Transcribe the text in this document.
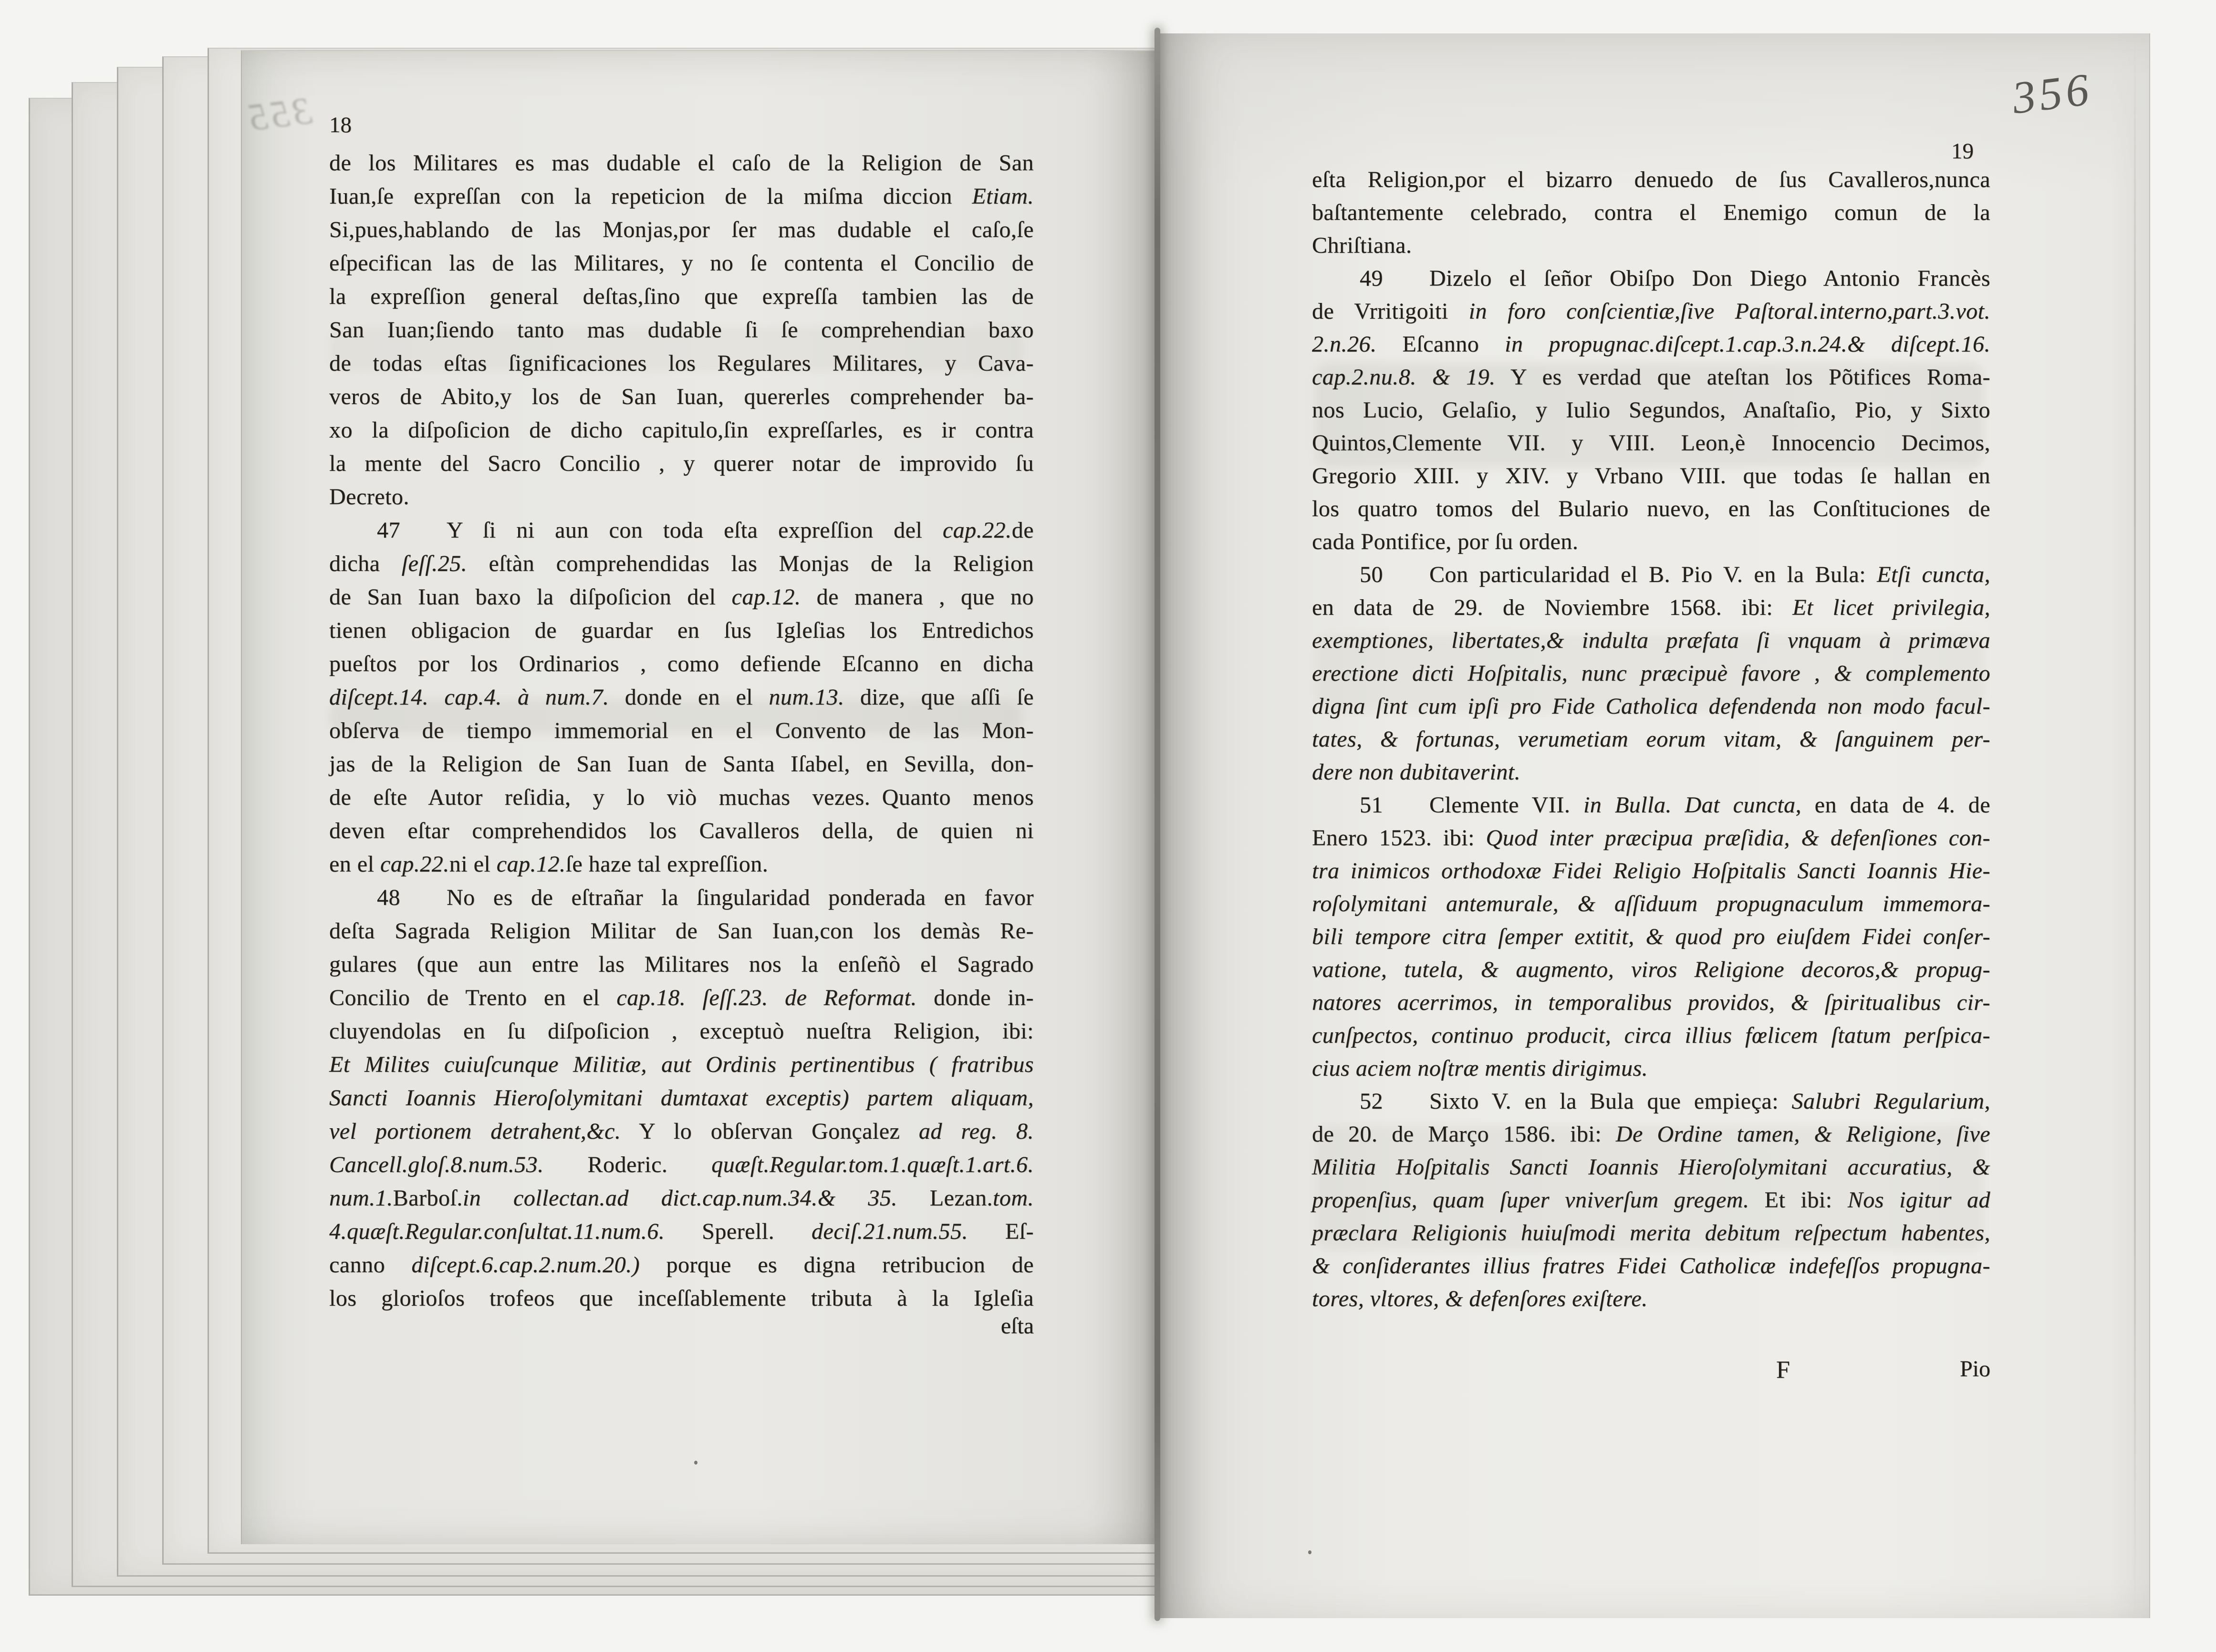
356
19
eſta Religion,por el bizarro denuedo de ſus Cavalleros,nunca
baſtantemente celebrado, contra el Enemigo comun de la
Chriſtiana.
49  Dizelo el ſeñor Obiſpo Don Diego Antonio Francès
de Vrritigoiti in foro conſcientiæ,ſive Paſtoral.interno,part.3.vot.
2.n.26. Eſcanno in propugnac.diſcept.1.cap.3.n.24.& diſcept.16.
cap.2.nu.8. & 19. Y es verdad que ateſtan los Põtifices Roma-
nos Lucio, Gelaſio, y Iulio Segundos, Anaſtaſio, Pio, y Sixto
Quintos,Clemente VII. y VIII. Leon,è Innocencio Decimos,
Gregorio XIII. y XIV. y Vrbano VIII. que todas ſe hallan en
los quatro tomos del Bulario nuevo, en las Conſtituciones de
cada Pontifice, por ſu orden.
50  Con particularidad el B. Pio V. en la Bula: Etſi cuncta,
en data de 29. de Noviembre 1568. ibi: Et licet privilegia,
exemptiones, libertates,& indulta præfata ſi vnquam à primæva
erectione dicti Hoſpitalis, nunc præcipuè favore , & complemento
digna ſint cum ipſi pro Fide Catholica defendenda non modo facul-
tates, & fortunas, verumetiam eorum vitam, & ſanguinem per-
dere non dubitaverint.
51  Clemente VII. in Bulla. Dat cuncta, en data de 4. de
Enero 1523. ibi: Quod inter præcipua præſidia, & defenſiones con-
tra inimicos orthodoxæ Fidei Religio Hoſpitalis Sancti Ioannis Hie-
roſolymitani antemurale, & aſſiduum propugnaculum immemora-
bili tempore citra ſemper extitit, & quod pro eiuſdem Fidei conſer-
vatione, tutela, & augmento, viros Religione decoros,& propug-
natores acerrimos, in temporalibus providos, & ſpiritualibus cir-
cunſpectos, continuo producit, circa illius fœlicem ſtatum perſpica-
cius aciem noſtræ mentis dirigimus.
52  Sixto V. en la Bula que empieça: Salubri Regularium,
de 20. de Março 1586. ibi: De Ordine tamen, & Religione, ſive
Militia Hoſpitalis Sancti Ioannis Hieroſolymitani accuratius, &
propenſius, quam ſuper vniverſum gregem. Et ibi: Nos igitur ad
præclara Religionis huiuſmodi merita debitum reſpectum habentes,
& conſiderantes illius fratres Fidei Catholicæ indefeſſos propugna-
tores, vltores, & defenſores exiſtere.
F	Pio
355 18
de los Militares es mas dudable el caſo de la Religion de San
Iuan,ſe expreſſan con la repeticion de la miſma diccion Etiam.
Si,pues,hablando de las Monjas,por ſer mas dudable el caſo,ſe
eſpecifican las de las Militares, y no ſe contenta el Concilio de
la expreſſion general deſtas,ſino que expreſſa tambien las de
San Iuan;ſiendo tanto mas dudable ſi ſe comprehendian baxo
de todas eſtas ſignificaciones los Regulares Militares, y Cava-
veros de Abito,y los de San Iuan, quererles comprehender ba-
xo la diſpoſicion de dicho capitulo,ſin expreſſarles, es ir contra
la mente del Sacro Concilio , y querer notar de improvido ſu
Decreto.
47  Y ſi ni aun con toda eſta expreſſion del cap.22.de
dicha ſeſſ.25. eſtàn comprehendidas las Monjas de la Religion
de San Iuan baxo la diſpoſicion del cap.12. de manera , que no
tienen obligacion de guardar en ſus Igleſias los Entredichos
pueſtos por los Ordinarios , como defiende Eſcanno en dicha
diſcept.14. cap.4. à num.7. donde en el num.13. dize, que aſſi ſe
obſerva de tiempo immemorial en el Convento de las Mon-
jas de la Religion de San Iuan de Santa Iſabel, en Sevilla, don-
de eſte Autor reſidia, y lo viò muchas vezes. Quanto menos
deven eſtar comprehendidos los Cavalleros della, de quien ni
en el cap.22.ni el cap.12.ſe haze tal expreſſion.
48  No es de eſtrañar la ſingularidad ponderada en favor
deſta Sagrada Religion Militar de San Iuan,con los demàs Re-
gulares (que aun entre las Militares nos la enſeñò el Sagrado
Concilio de Trento en el cap.18. ſeſſ.23. de Reformat. donde in-
cluyendolas en ſu diſpoſicion , exceptuò nueſtra Religion, ibi:
Et Milites cuiuſcunque Militiæ, aut Ordinis pertinentibus ( fratribus
Sancti Ioannis Hieroſolymitani dumtaxat exceptis) partem aliquam,
vel portionem detrahent,&c. Y lo obſervan Gonçalez ad reg. 8.
Cancell.gloſ.8.num.53. Roderic. quæſt.Regular.tom.1.quæſt.1.art.6.
num.1.Barboſ.in collectan.ad dict.cap.num.34.& 35. Lezan.tom.
4.quæſt.Regular.conſultat.11.num.6. Sperell. deciſ.21.num.55. Eſ-
canno diſcept.6.cap.2.num.20.) porque es digna retribucion de
los glorioſos trofeos que inceſſablemente tributa à la Igleſia
eſta
